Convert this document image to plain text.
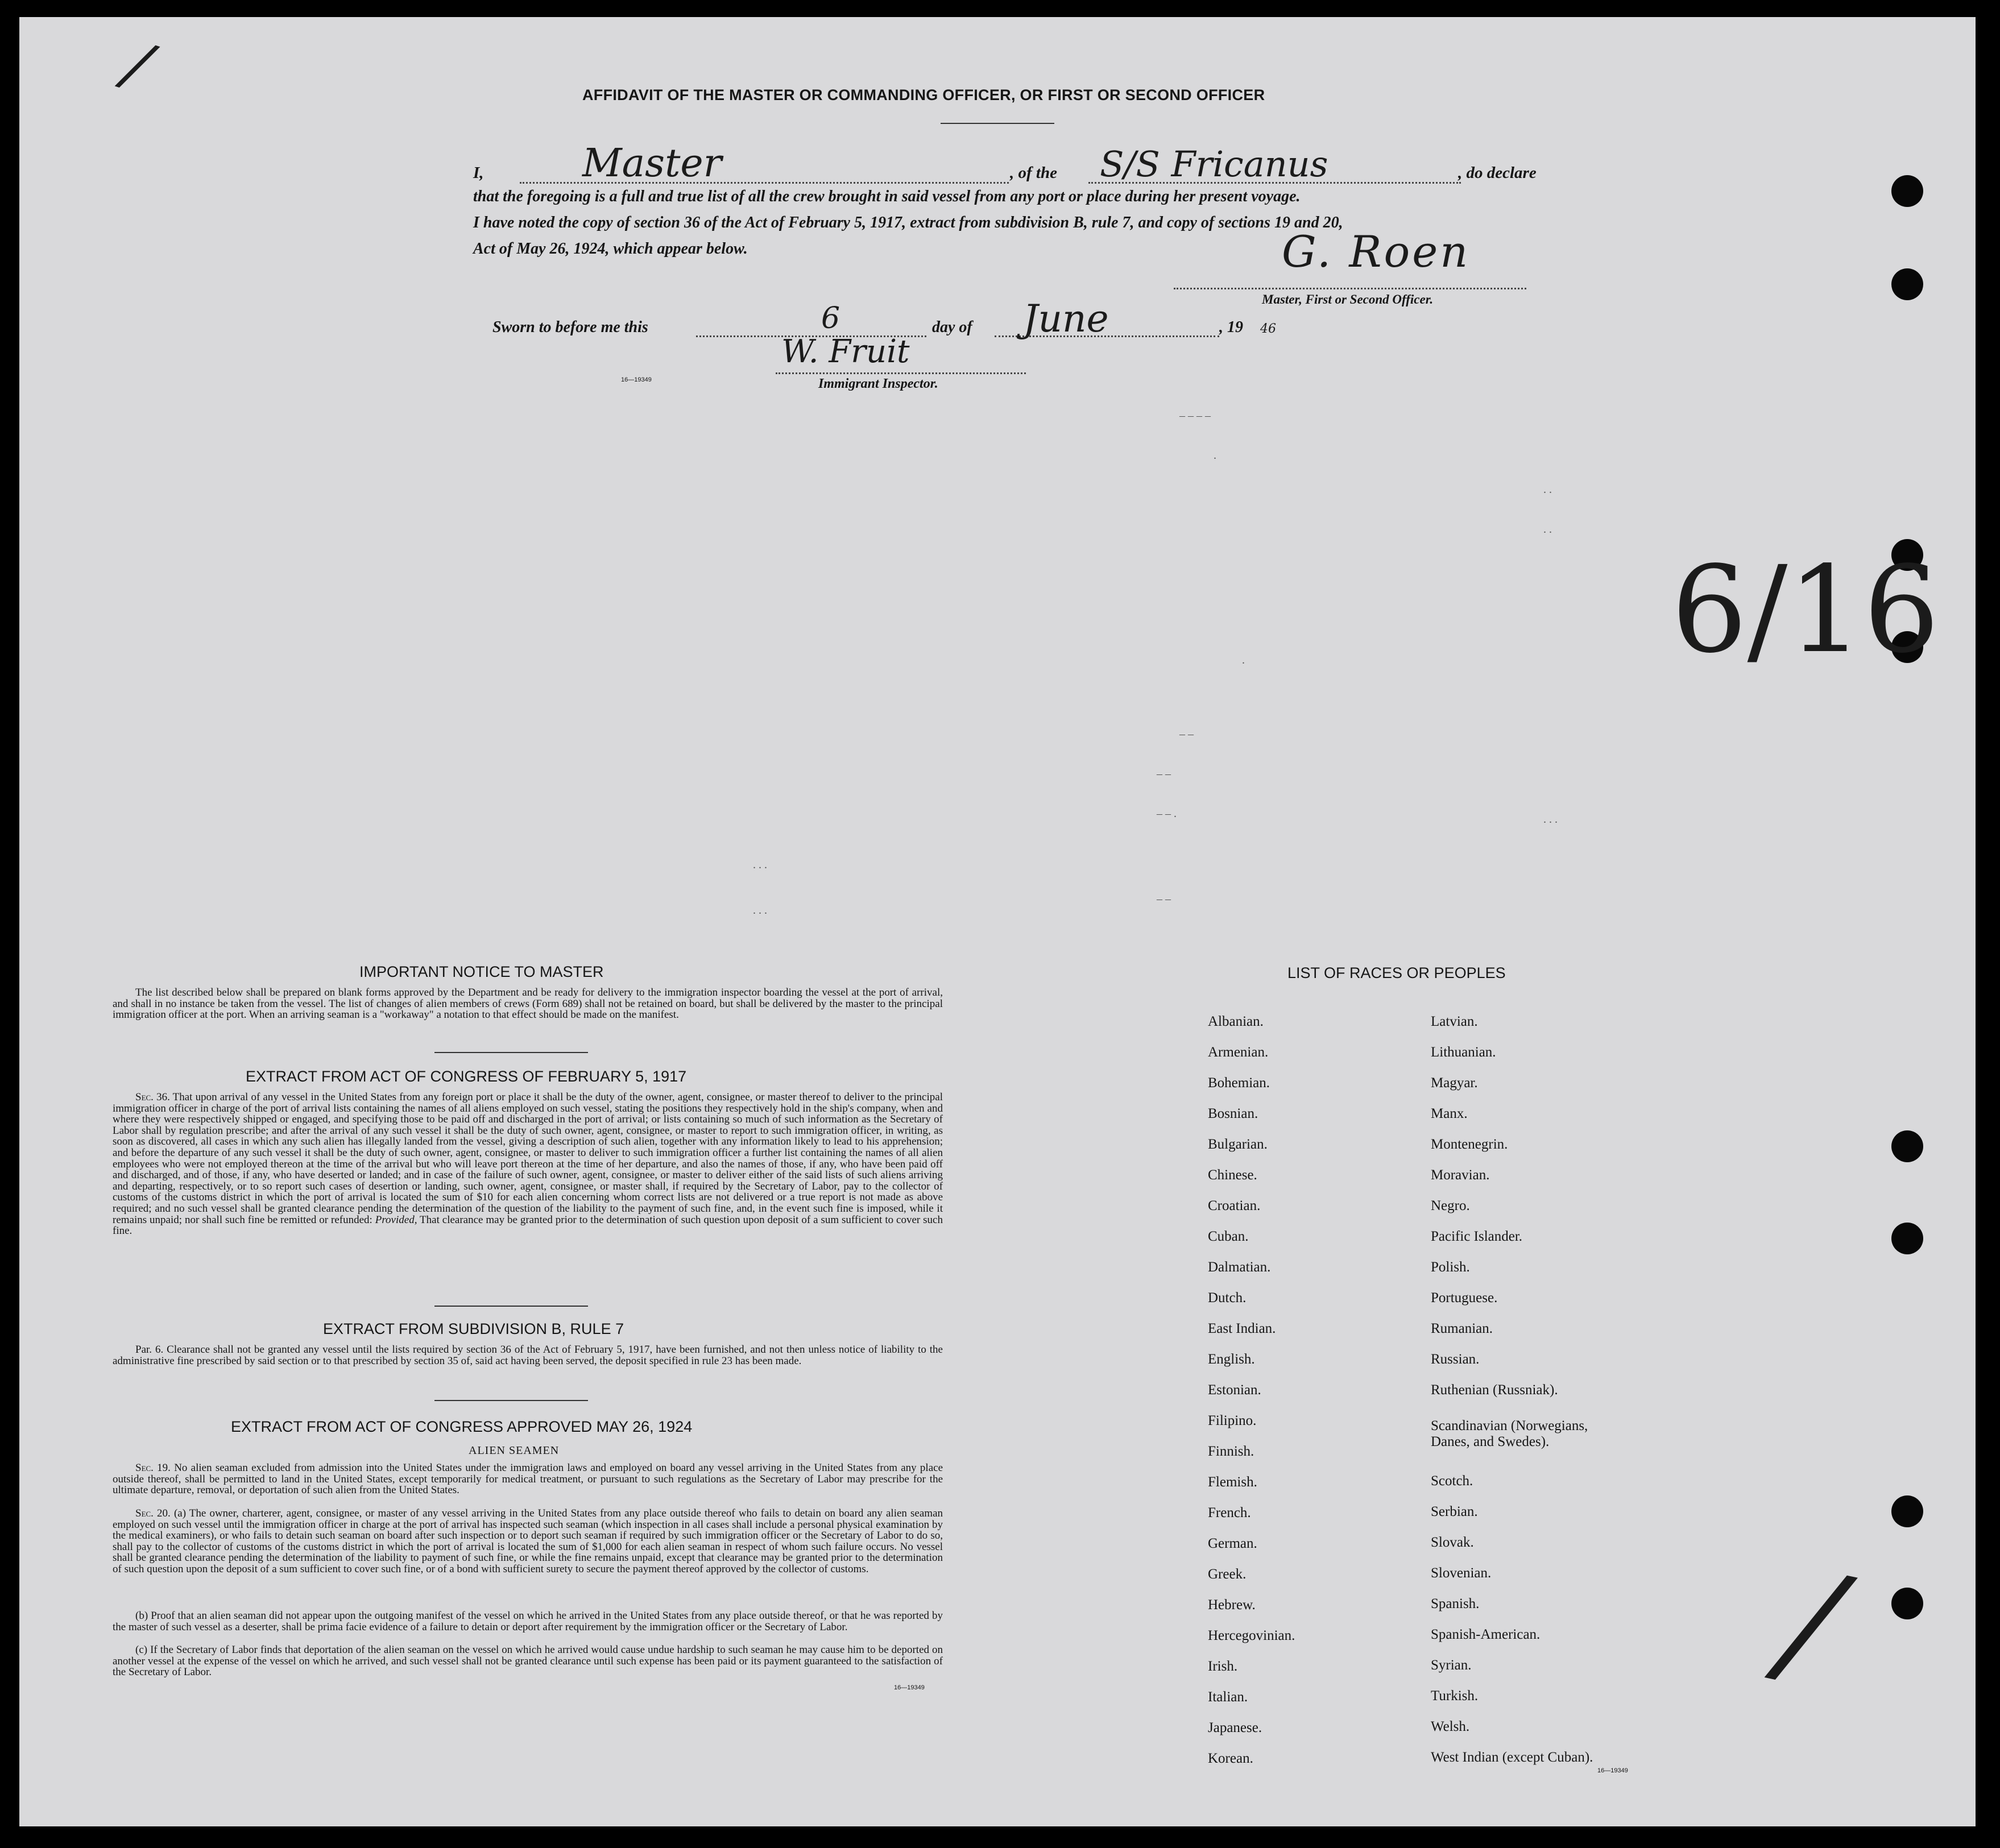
/
6/16
/
AFFIDAVIT OF THE MASTER OR COMMANDING OFFICER, OR FIRST OR SECOND OFFICER
I,	Master	, of the S/S Fricanus	, do declare
that the foregoing is a full and true list of all the crew brought in said vessel from any port or place during her present voyage.
I have noted the copy of section 36 of the Act of February 5, 1917, extract from subdivision B, rule 7, and copy of sections 19 and 20,
Act of May 26, 1924, which appear below.	G. Roen
Master, First or Second Officer.
Sworn to before me this	6	day of June	, 19 46
W. Fruit
16—19349	Immigrant Inspector.
– – – –
.
. .
. .
.
– –
– –
– – .	. . .
. . .
– –
. . .
IMPORTANT NOTICE TO MASTER
The list described below shall be prepared on blank forms approved by the Department and be ready for delivery to the immigration inspector boarding the vessel at the port of arrival, and shall in no instance be taken from the vessel. The list of changes of alien members of crews (Form 689) shall not be retained on board, but shall be delivered by the master to the principal immigration officer at the port. When an arriving seaman is a "workaway" a notation to that effect should be made on the manifest.
EXTRACT FROM ACT OF CONGRESS OF FEBRUARY 5, 1917
Sec. 36. That upon arrival of any vessel in the United States from any foreign port or place it shall be the duty of the owner, agent, consignee, or master thereof to deliver to the principal immigration officer in charge of the port of arrival lists containing the names of all aliens employed on such vessel, stating the positions they respectively hold in the ship's company, when and where they were respectively shipped or engaged, and specifying those to be paid off and discharged in the port of arrival; or lists containing so much of such information as the Secretary of Labor shall by regulation prescribe; and after the arrival of any such vessel it shall be the duty of such owner, agent, consignee, or master to report to such immigration officer, in writing, as soon as discovered, all cases in which any such alien has illegally landed from the vessel, giving a description of such alien, together with any information likely to lead to his apprehension; and before the departure of any such vessel it shall be the duty of such owner, agent, consignee, or master to deliver to such immigration officer a further list containing the names of all alien employees who were not employed thereon at the time of the arrival but who will leave port thereon at the time of her departure, and also the names of those, if any, who have been paid off and discharged, and of those, if any, who have deserted or landed; and in case of the failure of such owner, agent, consignee, or master to deliver either of the said lists of such aliens arriving and departing, respectively, or to so report such cases of desertion or landing, such owner, agent, consignee, or master shall, if required by the Secretary of Labor, pay to the collector of customs of the customs district in which the port of arrival is located the sum of $10 for each alien concerning whom correct lists are not delivered or a true report is not made as above required; and no such vessel shall be granted clearance pending the determination of the question of the liability to the payment of such fine, and, in the event such fine is imposed, while it remains unpaid; nor shall such fine be remitted or refunded: Provided, That clearance may be granted prior to the determination of such question upon deposit of a sum sufficient to cover such fine.
EXTRACT FROM SUBDIVISION B, RULE 7
Par. 6. Clearance shall not be granted any vessel until the lists required by section 36 of the Act of February 5, 1917, have been furnished, and not then unless notice of liability to the administrative fine prescribed by said section or to that prescribed by section 35 of, said act having been served, the deposit specified in rule 23 has been made.
EXTRACT FROM ACT OF CONGRESS APPROVED MAY 26, 1924
ALIEN SEAMEN
Sec. 19. No alien seaman excluded from admission into the United States under the immigration laws and employed on board any vessel arriving in the United States from any place outside thereof, shall be permitted to land in the United States, except temporarily for medical treatment, or pursuant to such regulations as the Secretary of Labor may prescribe for the ultimate departure, removal, or deportation of such alien from the United States.
Sec. 20. (a) The owner, charterer, agent, consignee, or master of any vessel arriving in the United States from any place outside thereof who fails to detain on board any alien seaman employed on such vessel until the immigration officer in charge at the port of arrival has inspected such seaman (which inspection in all cases shall include a personal physical examination by the medical examiners), or who fails to detain such seaman on board after such inspection or to deport such seaman if required by such immigration officer or the Secretary of Labor to do so, shall pay to the collector of customs of the customs district in which the port of arrival is located the sum of $1,000 for each alien seaman in respect of whom such failure occurs. No vessel shall be granted clearance pending the determination of the liability to payment of such fine, or while the fine remains unpaid, except that clearance may be granted prior to the determination of such question upon the deposit of a sum sufficient to cover such fine, or of a bond with sufficient surety to secure the payment thereof approved by the collector of customs.
(b) Proof that an alien seaman did not appear upon the outgoing manifest of the vessel on which he arrived in the United States from any place outside thereof, or that he was reported by the master of such vessel as a deserter, shall be prima facie evidence of a failure to detain or deport after requirement by the immigration officer or the Secretary of Labor.
(c) If the Secretary of Labor finds that deportation of the alien seaman on the vessel on which he arrived would cause undue hardship to such seaman he may cause him to be deported on another vessel at the expense of the vessel on which he arrived, and such vessel shall not be granted clearance until such expense has been paid or its payment guaranteed to the satisfaction of the Secretary of Labor.
16—19349
LIST OF RACES OR PEOPLES
Albanian.
Armenian.
Bohemian.
Bosnian.
Bulgarian.
Chinese.
Croatian.
Cuban.
Dalmatian.
Dutch.
East Indian.
English.
Estonian.
Filipino.
Finnish.
Flemish.
French.
German.
Greek.
Hebrew.
Hercegovinian.
Irish.
Italian.
Japanese.
Korean.
Latvian.
Lithuanian.
Magyar.
Manx.
Montenegrin.
Moravian.
Negro.
Pacific Islander.
Polish.
Portuguese.
Rumanian.
Russian.
Ruthenian (Russniak).
Scandinavian (Norwegians,
Danes, and Swedes).
Scotch.
Serbian.
Slovak.
Slovenian.
Spanish.
Spanish-American.
Syrian.
Turkish.
Welsh.
West Indian (except Cuban).
16—19349
